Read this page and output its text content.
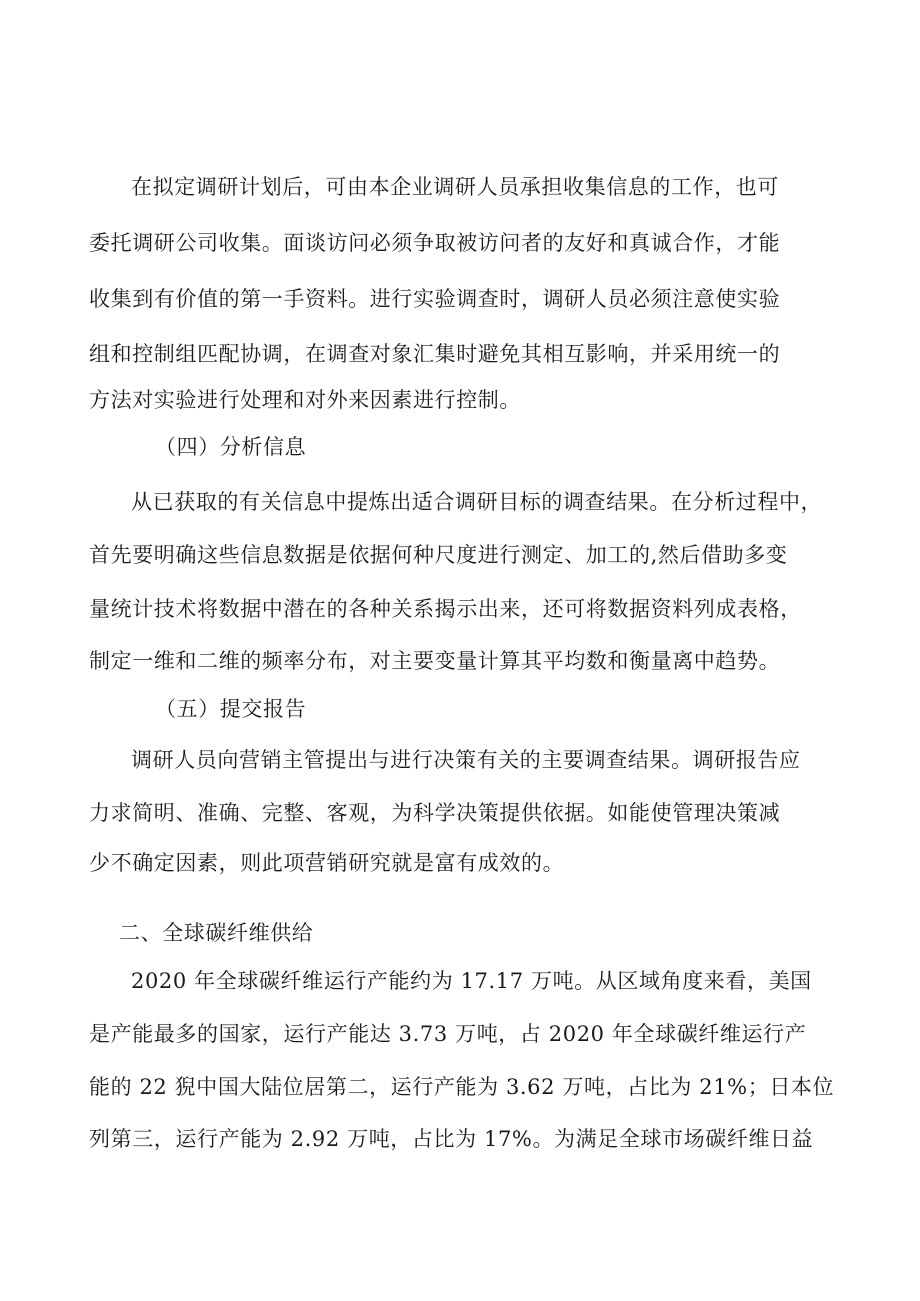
在拟定调研计划后，可由本企业调研人员承担收集信息的工作，也可
委托调研公司收集。面谈访问必须争取被访问者的友好和真诚合作，才能
收集到有价值的第一手资料。进行实验调查时，调研人员必须注意使实验
组和控制组匹配协调，在调查对象汇集时避免其相互影响，并采用统一的
方法对实验进行处理和对外来因素进行控制。
（四）分析信息
从已获取的有关信息中提炼出适合调研目标的调查结果。在分析过程中，
首先要明确这些信息数据是依据何种尺度进行测定、加工的,然后借助多变
量统计技术将数据中潜在的各种关系揭示出来，还可将数据资料列成表格，
制定一维和二维的频率分布，对主要变量计算其平均数和衡量离中趋势。
（五）提交报告
调研人员向营销主管提出与进行决策有关的主要调查结果。调研报告应
力求简明、准确、完整、客观，为科学决策提供依据。如能使管理决策减
少不确定因素，则此项营销研究就是富有成效的。
二、全球碳纤维供给
2020 年全球碳纤维运行产能约为 17.17 万吨。从区域角度来看，美国
是产能最多的国家，运行产能达 3.73 万吨，占 2020 年全球碳纤维运行产
能的 22 猊中国大陆位居第二，运行产能为 3.62 万吨，占比为 21%；日本位
列第三，运行产能为 2.92 万吨，占比为 17%。为满足全球市场碳纤维日益
